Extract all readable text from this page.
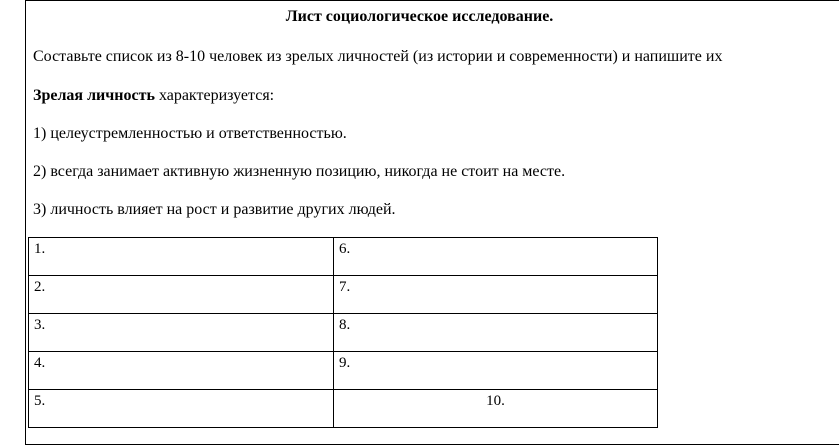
Лист социологическое исследование.
Составьте список из 8-10 человек из зрелых личностей (из истории и современности) и напишите их
Зрелая личность характеризуется:
1) целеустремленностью и ответственностью.
2) всегда занимает активную жизненную позицию, никогда не стоит на месте.
3) личность влияет на рост и развитие других людей.
1.	6.
2.	7.
3.	8.
4.	9.
5.	10.
